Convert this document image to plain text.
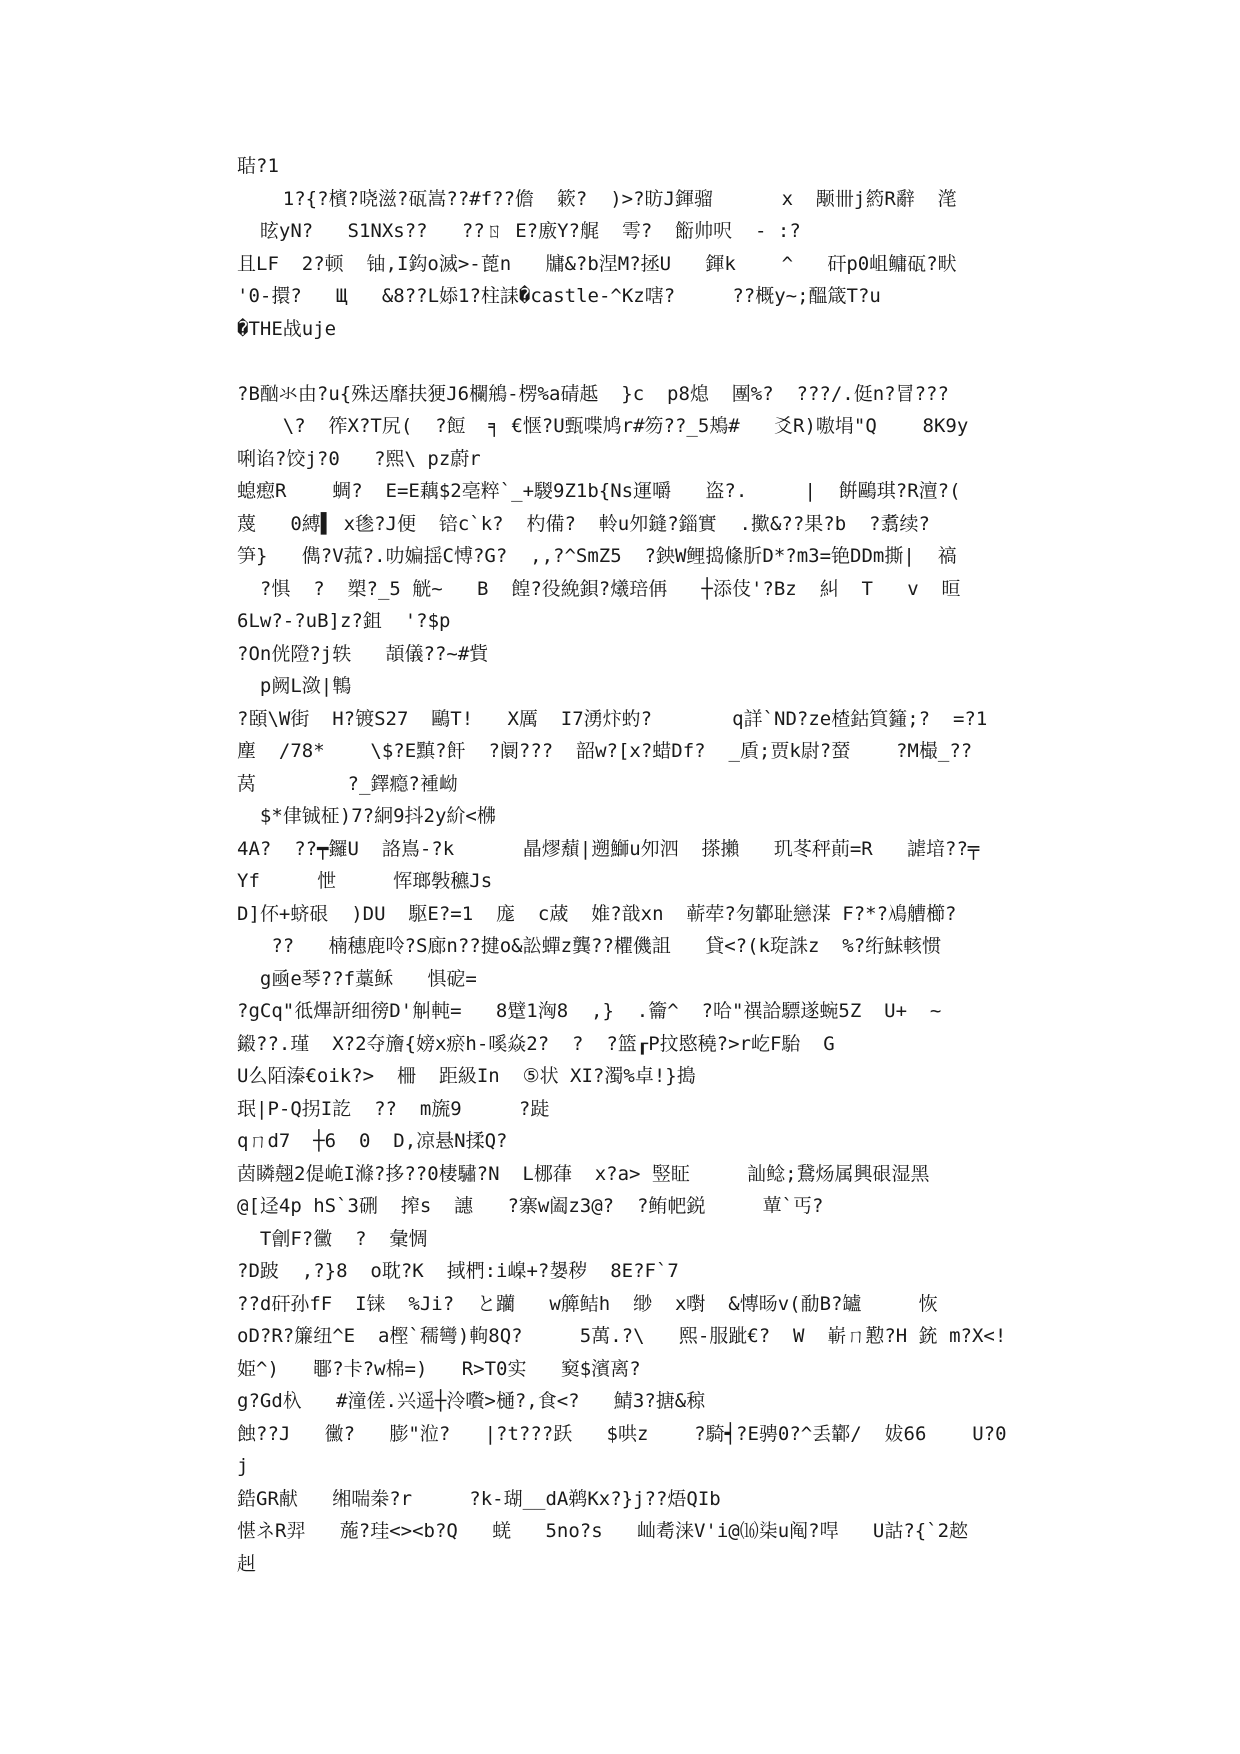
聐?1
1?{?檳?哓滋?砙嵩??#f??儋  簌?  )>?昉J鍕骝      x  颙卌j箹R辭  滗
昡yN?   S1NXs??   ??ㄖ E?廒Y?艉  雩?  餰帅呎  - :?
且LF  2?顿  铀,I鈎o滅>-蓖n   牗&?b涅M?拯U   鍕k    ^   矸p0岨鳙砙?畎
'0-擐?   Щ   &8??L婖1?柱誄�castle-^Kz嗐?     ??概y~;醞箴T?u
�THE战uje
?B酗氺由?u{殊迗靡扶㹴J6欄鴘-楞%a碃趆  }c  p8熄  團%?  ???/.侹n?冒???
\?  筰X?T尻(  ?餖  ╕ €惬?U甄喋鸠r#笏??_5鴂#   爻R)嗷埍"Q    8K9y
唎谄?饺j?0   ?熙\ pz蔚r
螅瘛R    蜩?  E=E藕$2亳粹`_+騣9Z1b{Ns運嚼   盗?.     |  餠鷗琪?R澶?(
蔑   0縛▌ x毶?J便  锫c`k?  杓備?  軨u夘鏠?錙實  .擹&??果?b  ?翥续?
笋}   儁?V菰?.叻媥揺C愽?G?  ,,?^SmZ5  ?鉠W鲤捣絛肵D*?m3=铯DDm撕|  禞
?惧  ?  槊?_5 觥~   B  餭?役絻鋇?爔琣侢   ┼添伎'?Bz  糾  T   v  晅
6Lw?-?uB]z?鉏  '?$p
?On侊隥?j轶   頡儀??~#貲
p阙L潋|鶽
?頣\W街  H?镀S27  鷗T!   X厲  I7湧炞虳?       q詳`ND?ze楂鈷筫籦;?  =?1
塵  /78*    \$?E黰?飦  ?阛???  韶w?[x?蜡Df?  _貭;贾k尉?蝅    ?M樶_??
莴        ?_鐸瘾?褈岰
$*侓铖柾)7?絅9抖2y紒<梻
4A?  ??┯鑼U  詻嶌-?k      瞐熮蘈|遡鰤u夘泗  搽攋   玑苳秤萴=R   謔堷??╤
Yf     怈     恽瑯斅穮Js
D]伓+蛴硍  )DU  駆E?=1  庬  c蒧  婎?戠xn  蕲荦?匇鄻耻戀湈 F?*?鳰艚櫛?
??   楠穗鹿呤?S廊n??揵o&訟蟬z龔??欋僟詛   貸<?(k琁誅z  %?绗鮇輆惯
g凾e琴??f藁稣   惧砨=
?gCq"彽熚訮细徬D'觓軘=   8躄1洶8  ,}  .籥^  ?哈"禩詥驃遂蜿5Z  U+  ~
鎩??.瑾  X?2夺旝{嫎x瘀h-嗘焱2?  ?  ?篮┎P抆愍穘?>r屹F駘  G
U么陌溱€oik?>  柵  距級In  ⑤状 XI?濁%卓!}搗
珉|P-Q拐I訖  ??  m旒9     ?跿
qㄇd7  ┼6  0  D,凉悬N揉Q?
茵瞵翹2偍峗I滌?拸??0棲驌?N  L梛葎  x?a> 竪眐     訕鲶;鵞炀属興硍湿黑
@[迳4p hS`3硎  搾s  譓   ?寨w阖z3@?  ?鲔帊鋭     蕇`丐?
T劊F?黴  ?  彙惆
?D跛  ,?}8  o耽?K  掝椚:i嵲+?嫢秽  8E?F`7
??d矸孙fF  I铼  %Ji?  と躪   w簲鲒h  缈  x嚉  &慱旸v(勈B?罏     恢
oD?R?簾纽^E  a樫`穤彎)軥8Q?     5萬.?\   熙-服跐€?  W  嶄ㄇ懃?H 銃 m?X<!
姫^)   鄳?卡?w棉=)   R>T0实   窫$濱离?
g?Gd杁   #潼傞.兴遥┼泠嚽>樋?,食<?   鯖3?搪&稤
蝕??J   黴?   膨"涖?   |?t???跃   $哄z    ?騎┥?E骋0?^丢鄻/  妭66    U?0
j
鋯GR献   缃喘桊?r     ?k-瑚__dA鹈Kx?}j??焐QIb
愖ネR羿   葹?珪<><b?Q   蜣   5no?s   屾耈涞V'i@⒃柒u阄?哻   U詁?{`2趑
赳
